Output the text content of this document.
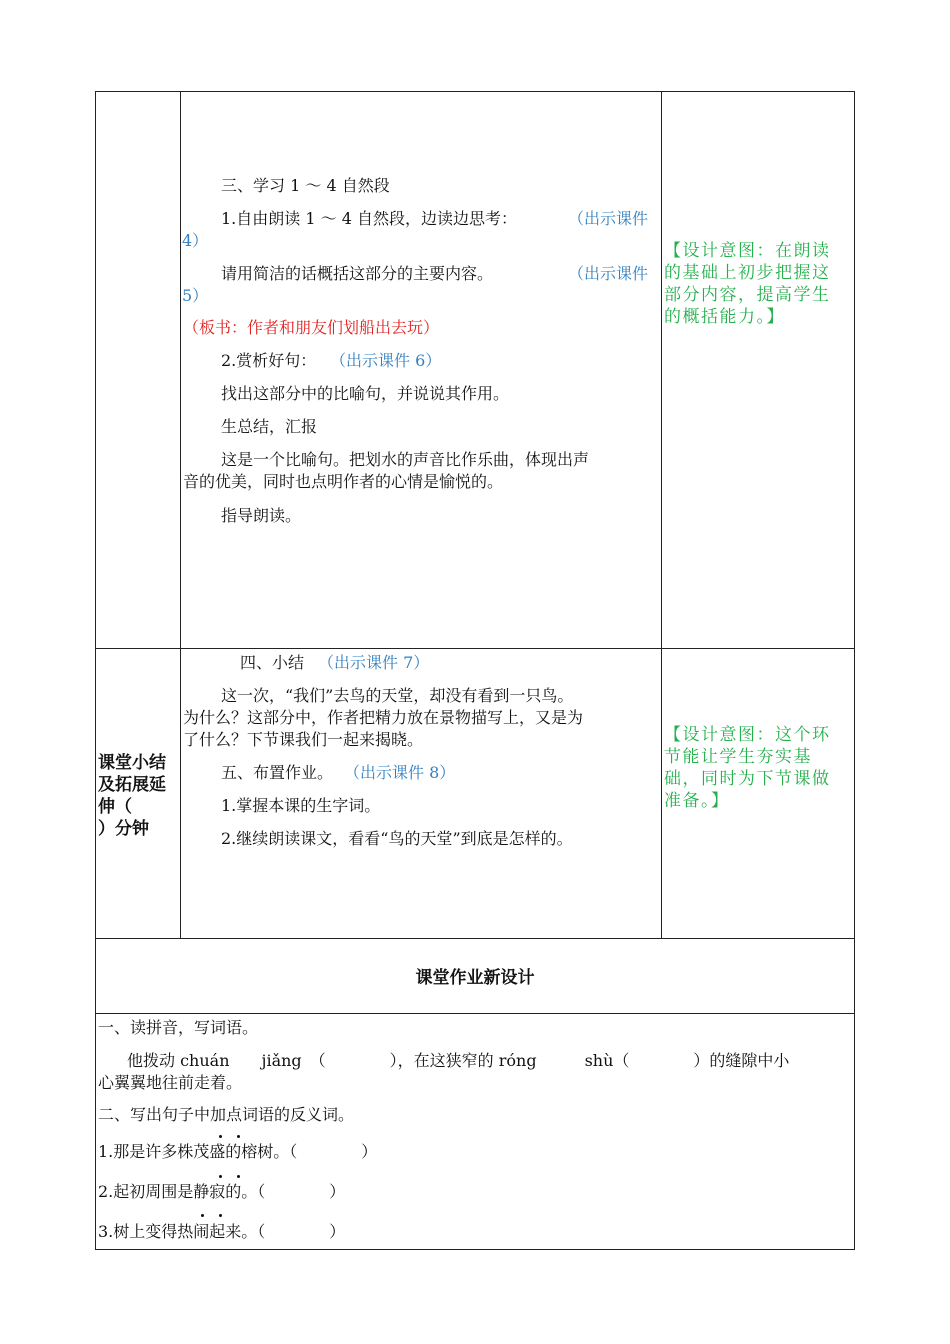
三、学习 1 ～ 4 自然段
1.自由朗读 1 ～ 4 自然段，边读边思考：	（出示课件
4）
请用简洁的话概括这部分的主要内容。	（出示课件
5）
（板书：作者和朋友们划船出去玩）
2.赏析好句： （出示课件 6）
找出这部分中的比喻句，并说说其作用。
生总结，汇报
这是一个比喻句。把划水的声音比作乐曲，体现出声
音的优美，同时也点明作者的心情是愉悦的。
指导朗读。
【设计意图：在朗读
的基础上初步把握这
部分内容，提高学生
的概括能力。】
课堂小结
及拓展延
伸（
）分钟
四、小结 （出示课件 7）
这一次，“我们”去鸟的天堂，却没有看到一只鸟。
为什么？这部分中，作者把精力放在景物描写上，又是为
了什么？下节课我们一起来揭晓。
五、布置作业。 （出示课件 8）
1.掌握本课的生字词。
2.继续朗读课文，看看“鸟的天堂”到底是怎样的。
【设计意图：这个环
节能让学生夯实基
础，同时为下节课做
准备。】
课堂作业新设计
一、读拼音，写词语。
他拨动 chuán　　jiǎng　（　　　　），在这狭窄的 róng　　　shù（　　　　）的缝隙中小
心翼翼地往前走着。
二、写出句子中加点词语的反义词。
1.那是许多株茂盛的榕树。（　　　　）
2.起初周围是静寂的。（　　　　）
3.树上变得热闹起来。（　　　　）
